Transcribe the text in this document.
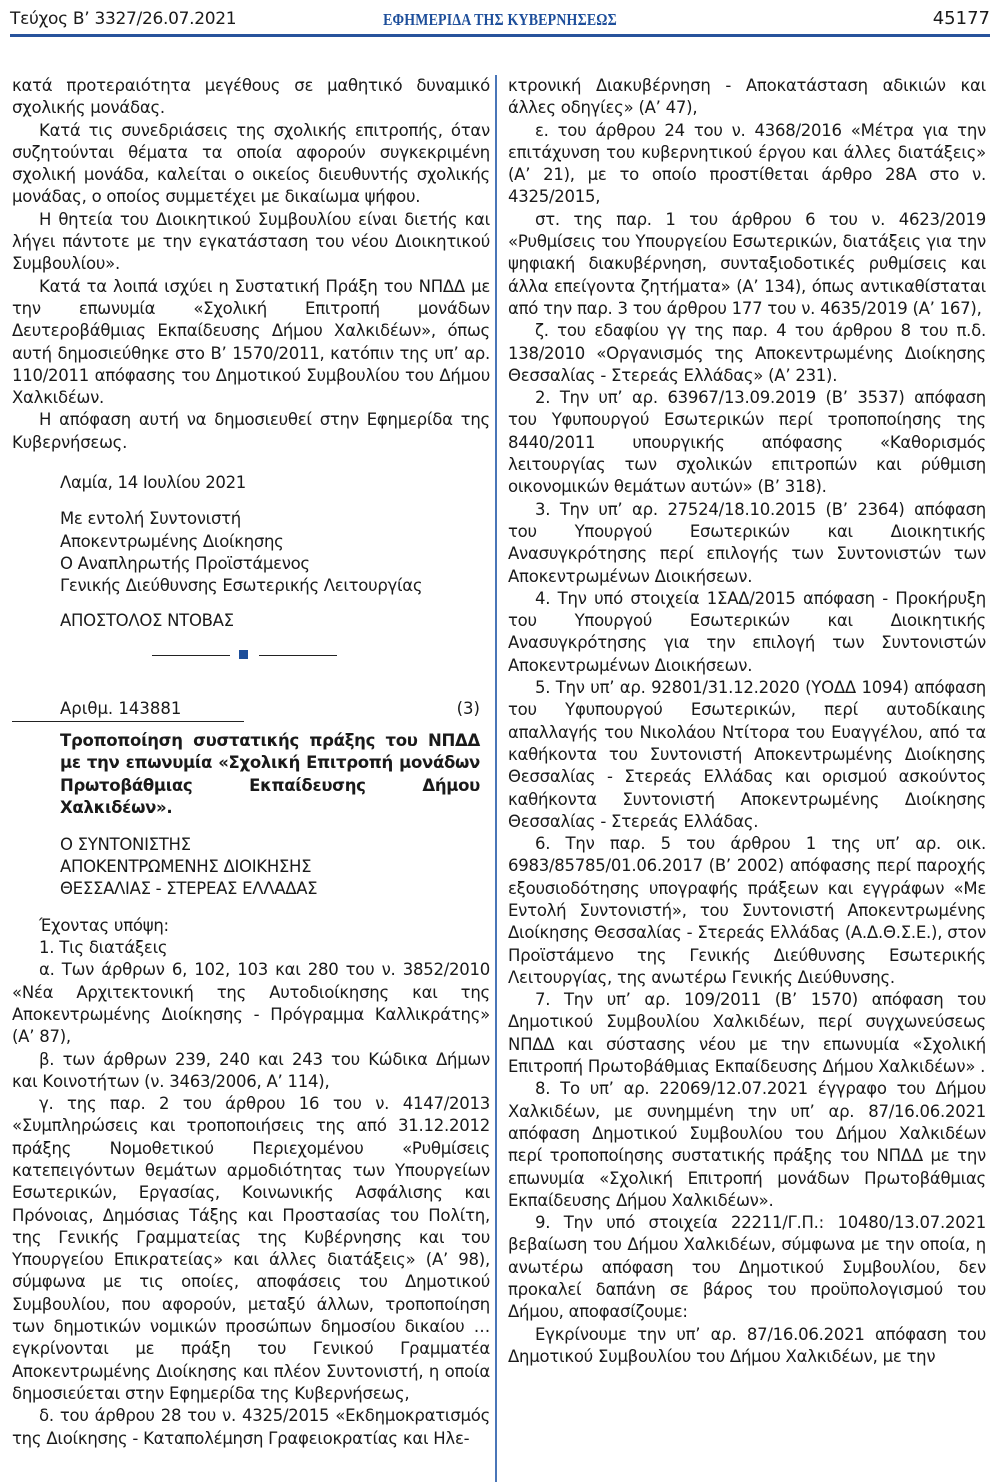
Τεύχος B’ 3327/26.07.2021	ΕΦΗΜΕΡΙΔΑ ΤΗΣ ΚΥΒΕΡΝΗΣΕΩΣ	45177

κατά προτεραιότητα μεγέθους σε μαθητικό δυναμικό σχολικής μονάδας.

Κατά τις συνεδριάσεις της σχολικής επιτροπής, όταν συζητούνται θέματα τα οποία αφορούν συγκεκριμένη σχολική μονάδα, καλείται ο οικείος διευθυντής σχολικής μονάδας, ο οποίος συμμετέχει με δικαίωμα ψήφου.

Η θητεία του Διοικητικού Συμβουλίου είναι διετής και λήγει πάντοτε με την εγκατάσταση του νέου Διοικητικού Συμβουλίου».

Κατά τα λοιπά ισχύει η Συστατική Πράξη του ΝΠΔΔ με την επωνυμία «Σχολική Επιτροπή μονάδων Δευτεροβάθμιας Εκπαίδευσης Δήμου Χαλκιδέων», όπως αυτή δημοσιεύθηκε στο Β’ 1570/2011, κατόπιν της υπ’ αρ. 110/2011 απόφασης του Δημοτικού Συμβουλίου του Δήμου Χαλκιδέων.

Η απόφαση αυτή να δημοσιευθεί στην Εφημερίδα της Κυβερνήσεως.

Λαμία, 14 Ιουλίου 2021
Με εντολή Συντονιστή
Αποκεντρωμένης Διοίκησης
Ο Αναπληρωτής Προϊστάμενος
Γενικής Διεύθυνσης Εσωτερικής Λειτουργίας
ΑΠΟΣΤΟΛΟΣ ΝΤΟΒΑΣ
Αριθμ. 143881	(3)
Τροποποίηση συστατικής πράξης του ΝΠΔΔ με την επωνυμία «Σχολική Επιτροπή μονάδων Πρωτοβάθμιας Εκπαίδευσης Δήμου Χαλκιδέων».
Ο ΣΥΝΤΟΝΙΣΤΗΣ
ΑΠΟΚΕΝΤΡΩΜΕΝΗΣ ΔΙΟΙΚΗΣΗΣ
ΘΕΣΣΑΛΙΑΣ - ΣΤΕΡΕΑΣ ΕΛΛΑΔΑΣ

Έχοντας υπόψη:

1. Τις διατάξεις

α. Των άρθρων 6, 102, 103 και 280 του ν. 3852/2010 «Νέα Αρχιτεκτονική της Αυτοδιοίκησης και της Αποκεντρωμένης Διοίκησης - Πρόγραμμα Καλλικράτης» (Α’ 87),

β. των άρθρων 239, 240 και 243 του Κώδικα Δήμων και Κοινοτήτων (ν. 3463/2006, Α’ 114),

γ. της παρ. 2 του άρθρου 16 του ν. 4147/2013 «Συμπληρώσεις και τροποποιήσεις της από 31.12.2012 πράξης Νομοθετικού Περιεχομένου «Ρυθμίσεις κατεπειγόντων θεμάτων αρμοδιότητας των Υπουργείων Εσωτερικών, Εργασίας, Κοινωνικής Ασφάλισης και Πρόνοιας, Δημόσιας Τάξης και Προστασίας του Πολίτη, της Γενικής Γραμματείας της Κυβέρνησης και του Υπουργείου Επικρατείας» και άλλες διατάξεις» (Α’ 98), σύμφωνα με τις οποίες, αποφάσεις του Δημοτικού Συμβουλίου, που αφορούν, μεταξύ άλλων, τροποποίηση των δημοτικών νομικών προσώπων δημοσίου δικαίου … εγκρίνονται με πράξη του Γενικού Γραμματέα Αποκεντρωμένης Διοίκησης και πλέον Συντονιστή, η οποία δημοσιεύεται στην Εφημερίδα της Κυβερνήσεως,

δ. του άρθρου 28 του ν. 4325/2015 «Εκδημοκρατισμός της Διοίκησης - Καταπολέμηση Γραφειοκρατίας και Ηλε-

κτρονική Διακυβέρνηση - Αποκατάσταση αδικιών και άλλες οδηγίες» (Α’ 47),

ε. του άρθρου 24 του ν. 4368/2016 «Μέτρα για την επιτάχυνση του κυβερνητικού έργου και άλλες διατάξεις» (Α’ 21), με το οποίο προστίθεται άρθρο 28Α στο ν. 4325/2015,

στ. της παρ. 1 του άρθρου 6 του ν. 4623/2019 «Ρυθμίσεις του Υπουργείου Εσωτερικών, διατάξεις για την ψηφιακή διακυβέρνηση, συνταξιοδοτικές ρυθμίσεις και άλλα επείγοντα ζητήματα» (Α’ 134), όπως αντικαθίσταται από την παρ. 3 του άρθρου 177 του ν. 4635/2019 (Α’ 167),

ζ. του εδαφίου γγ της παρ. 4 του άρθρου 8 του π.δ. 138/2010 «Οργανισμός της Αποκεντρωμένης Διοίκησης Θεσσαλίας - Στερεάς Ελλάδας» (Α’ 231).

2. Την υπ’ αρ. 63967/13.09.2019 (Β’ 3537) απόφαση του Υφυπουργού Εσωτερικών περί τροποποίησης της 8440/2011 υπουργικής απόφασης «Καθορισμός λειτουργίας των σχολικών επιτροπών και ρύθμιση οικονομικών θεμάτων αυτών» (Β’ 318).

3. Την υπ’ αρ. 27524/18.10.2015 (Β’ 2364) απόφαση του Υπουργού Εσωτερικών και Διοικητικής Ανασυγκρότησης περί επιλογής των Συντονιστών των Αποκεντρωμένων Διοικήσεων.

4. Την υπό στοιχεία 1ΣΑΔ/2015 απόφαση - Προκήρυξη του Υπουργού Εσωτερικών και Διοικητικής Ανασυγκρότησης για την επιλογή των Συντονιστών Αποκεντρωμένων Διοικήσεων.

5. Την υπ’ αρ. 92801/31.12.2020 (ΥΟΔΔ 1094) απόφαση του Υφυπουργού Εσωτερικών, περί αυτοδίκαιης απαλλαγής του Νικολάου Ντίτορα του Ευαγγέλου, από τα καθήκοντα του Συντονιστή Αποκεντρωμένης Διοίκησης Θεσσαλίας - Στερεάς Ελλάδας και ορισμού ασκούντος καθήκοντα Συντονιστή Αποκεντρωμένης Διοίκησης Θεσσαλίας - Στερεάς Ελλάδας.

6. Την παρ. 5 του άρθρου 1 της υπ’ αρ. οικ. 6983/85785/01.06.2017 (Β’ 2002) απόφασης περί παροχής εξουσιοδότησης υπογραφής πράξεων και εγγράφων «Με Εντολή Συντονιστή», του Συντονιστή Αποκεντρωμένης Διοίκησης Θεσσαλίας - Στερεάς Ελλάδας (Α.Δ.Θ.Σ.Ε.), στον Προϊστάμενο της Γενικής Διεύθυνσης Εσωτερικής Λειτουργίας, της ανωτέρω Γενικής Διεύθυνσης.

7. Την υπ’ αρ. 109/2011 (Β’ 1570) απόφαση του Δημοτικού Συμβουλίου Χαλκιδέων, περί συγχωνεύσεως ΝΠΔΔ και σύστασης νέου με την επωνυμία «Σχολική Επιτροπή Πρωτοβάθμιας Εκπαίδευσης Δήμου Χαλκιδέων» .

8. Το υπ’ αρ. 22069/12.07.2021 έγγραφο του Δήμου Χαλκιδέων, με συνημμένη την υπ’ αρ. 87/16.06.2021 απόφαση Δημοτικού Συμβουλίου του Δήμου Χαλκιδέων περί τροποποίησης συστατικής πράξης του ΝΠΔΔ με την επωνυμία «Σχολική Επιτροπή μονάδων Πρωτοβάθμιας Εκπαίδευσης Δήμου Χαλκιδέων».

9. Την υπό στοιχεία 22211/Γ.Π.: 10480/13.07.2021 βεβαίωση του Δήμου Χαλκιδέων, σύμφωνα με την οποία, η ανωτέρω απόφαση του Δημοτικού Συμβουλίου, δεν προκαλεί δαπάνη σε βάρος του προϋπολογισμού του Δήμου, αποφασίζουμε:

Εγκρίνουμε την υπ’ αρ. 87/16.06.2021 απόφαση του Δημοτικού Συμβουλίου του Δήμου Χαλκιδέων, με την
